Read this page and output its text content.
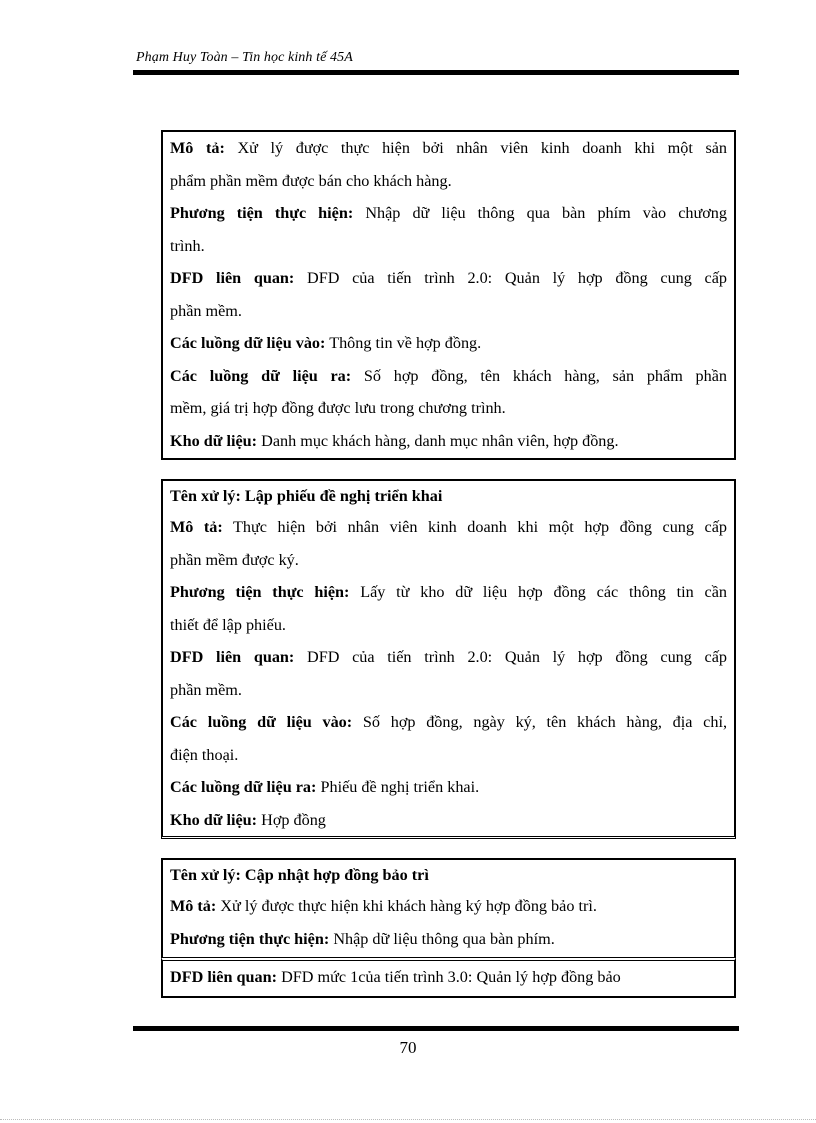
Phạm Huy Toàn – Tin học kinh tế 45A
Mô tả: Xử lý được thực hiện bởi nhân viên kinh doanh khi một sản
phẩm phần mềm được bán cho khách hàng.
Phương tiện thực hiện: Nhập dữ liệu thông qua bàn phím vào chương
trình.
DFD liên quan: DFD của tiến trình 2.0: Quản lý hợp đồng cung cấp
phần mềm.
Các luồng dữ liệu vào: Thông tin về hợp đồng.
Các luồng dữ liệu ra: Số hợp đồng, tên khách hàng, sản phẩm phần
mềm, giá trị hợp đồng được lưu trong chương trình.
Kho dữ liệu: Danh mục khách hàng, danh mục nhân viên, hợp đồng.
Tên xử lý: Lập phiếu đề nghị triển khai
Mô tả: Thực hiện bởi nhân viên kinh doanh khi một hợp đồng cung cấp
phần mềm được ký.
Phương tiện thực hiện: Lấy từ kho dữ liệu hợp đồng các thông tin cần
thiết để lập phiếu.
DFD liên quan: DFD của tiến trình 2.0: Quản lý hợp đồng cung cấp
phần mềm.
Các luồng dữ liệu vào: Số hợp đồng, ngày ký, tên khách hàng, địa chỉ,
điện thoại.
Các luồng dữ liệu ra: Phiếu đề nghị triển khai.
Kho dữ liệu: Hợp đồng
Tên xử lý: Cập nhật hợp đồng bảo trì
Mô tả: Xử lý được thực hiện khi khách hàng ký hợp đồng bảo trì.
Phương tiện thực hiện: Nhập dữ liệu thông qua bàn phím.
DFD liên quan: DFD mức 1của tiến trình 3.0: Quản lý hợp đồng bảo
70
